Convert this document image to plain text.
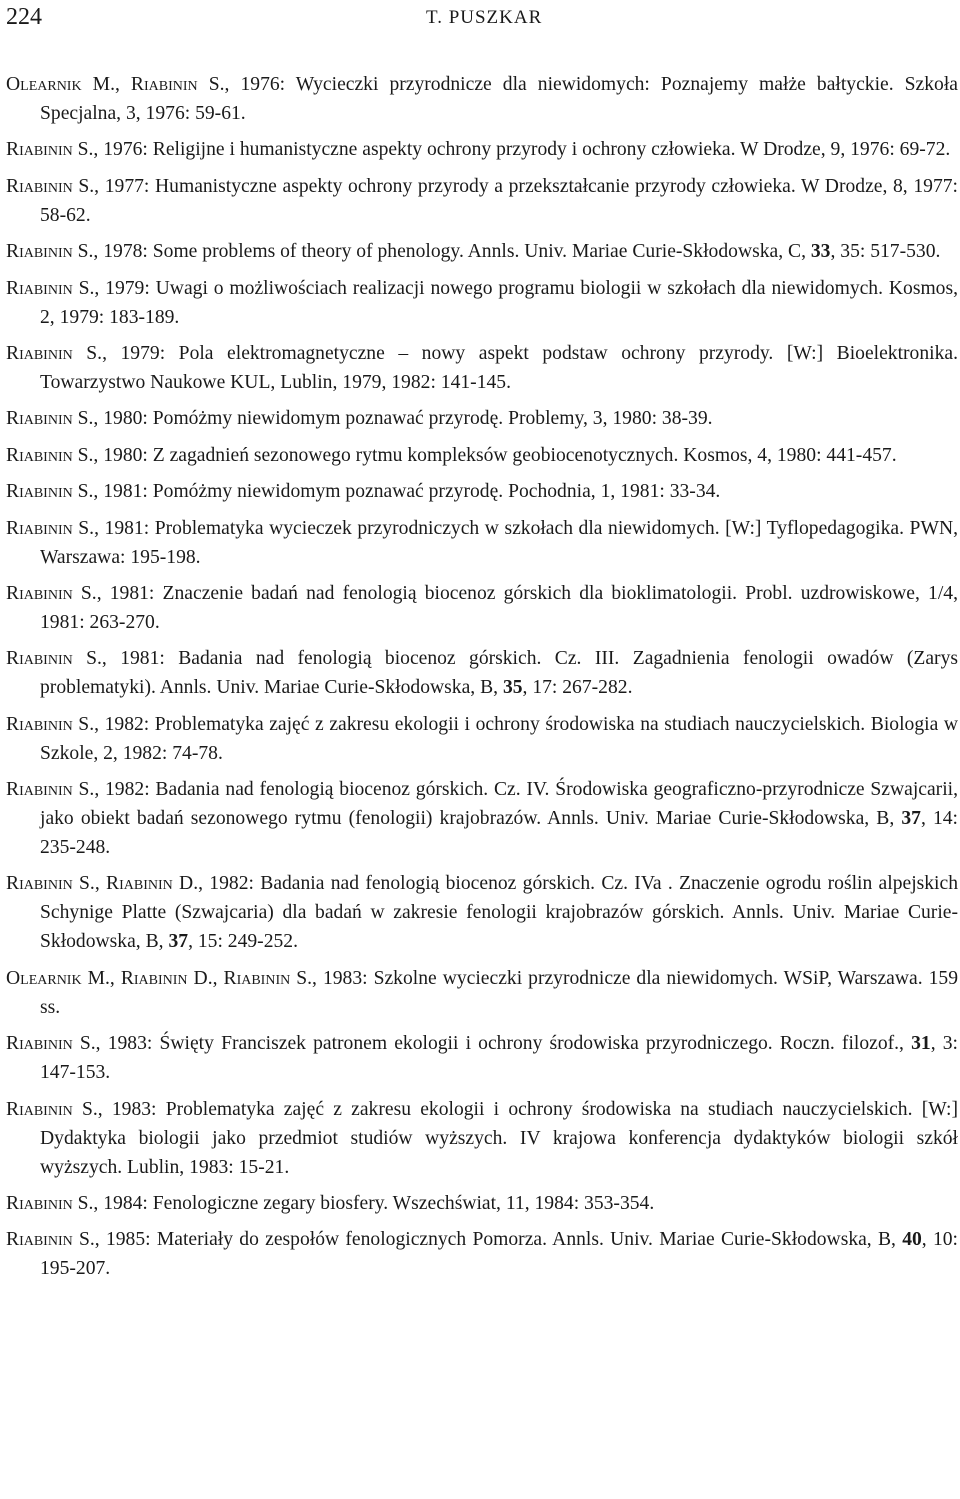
224	T. PUSZKAR

Olearnik M., Riabinin S., 1976: Wycieczki przyrodnicze dla niewidomych: Poznajemy małże bałtyckie. Szkoła Specjalna, 3, 1976: 59-61.

Riabinin S., 1976: Religijne i humanistyczne aspekty ochrony przyrody i ochrony człowieka. W Drodze, 9, 1976: 69-72.

Riabinin S., 1977: Humanistyczne aspekty ochrony przyrody a przekształcanie przyrody człowieka. W Drodze, 8, 1977: 58-62.

Riabinin S., 1978: Some problems of theory of phenology. Annls. Univ. Mariae Curie-Skłodowska, C, 33, 35: 517-530.

Riabinin S., 1979: Uwagi o możliwościach realizacji nowego programu biologii w szkołach dla niewidomych. Kosmos, 2, 1979: 183-189.

Riabinin S., 1979: Pola elektromagnetyczne – nowy aspekt podstaw ochrony przyrody. [W:] Bioelektronika. Towarzystwo Naukowe KUL, Lublin, 1979, 1982: 141-145.

Riabinin S., 1980: Pomóżmy niewidomym poznawać przyrodę. Problemy, 3, 1980: 38-39.

Riabinin S., 1980: Z zagadnień sezonowego rytmu kompleksów geobiocenotycznych. Kosmos, 4, 1980: 441-457.

Riabinin S., 1981: Pomóżmy niewidomym poznawać przyrodę. Pochodnia, 1, 1981: 33-34.

Riabinin S., 1981: Problematyka wycieczek przyrodniczych w szkołach dla niewidomych. [W:] Tyflopedagogika. PWN, Warszawa: 195-198.

Riabinin S., 1981: Znaczenie badań nad fenologią biocenoz górskich dla bioklimatologii. Probl. uzdrowiskowe, 1/4, 1981: 263-270.

Riabinin S., 1981: Badania nad fenologią biocenoz górskich. Cz. III. Zagadnienia fenologii owadów (Zarys problematyki). Annls. Univ. Mariae Curie-Skłodowska, B, 35, 17: 267-282.

Riabinin S., 1982: Problematyka zajęć z zakresu ekologii i ochrony środowiska na studiach nauczycielskich. Biologia w Szkole, 2, 1982: 74-78.

Riabinin S., 1982: Badania nad fenologią biocenoz górskich. Cz. IV. Środowiska geograficzno-przyrodnicze Szwajcarii, jako obiekt badań sezonowego rytmu (fenologii) krajobrazów. Annls. Univ. Mariae Curie-Skłodowska, B, 37, 14: 235-248.

Riabinin S., Riabinin D., 1982: Badania nad fenologią biocenoz górskich. Cz. IVa . Znaczenie ogrodu roślin alpejskich Schynige Platte (Szwajcaria) dla badań w zakresie fenologii krajobrazów górskich. Annls. Univ. Mariae Curie-Skłodowska, B, 37, 15: 249-252.

Olearnik M., Riabinin D., Riabinin S., 1983: Szkolne wycieczki przyrodnicze dla niewidomych. WSiP, Warszawa. 159 ss.

Riabinin S., 1983: Święty Franciszek patronem ekologii i ochrony środowiska przyrodniczego. Roczn. filozof., 31, 3: 147-153.

Riabinin S., 1983: Problematyka zajęć z zakresu ekologii i ochrony środowiska na studiach nauczycielskich. [W:] Dydaktyka biologii jako przedmiot studiów wyższych. IV krajowa konferencja dydaktyków biologii szkół wyższych. Lublin, 1983: 15-21.

Riabinin S., 1984: Fenologiczne zegary biosfery. Wszechświat, 11, 1984: 353-354.

Riabinin S., 1985: Materiały do zespołów fenologicznych Pomorza. Annls. Univ. Mariae Curie-Skłodowska, B, 40, 10: 195-207.
